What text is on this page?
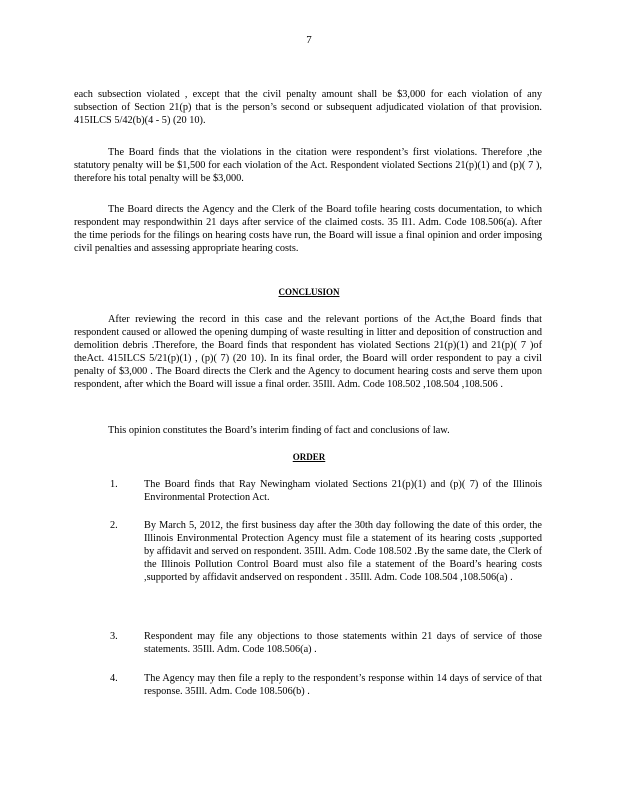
7

each subsection violated , except that the civil penalty amount shall be $3,000 for each violation of any subsection of Section 21(p) that is the person’s second or subsequent adjudicated violation of that provision. 415ILCS 5/42(b)(4 - 5) (20 10).

The Board finds that the violations in the citation were respondent’s first violations. Therefore ,the statutory penalty will be $1,500 for each violation of the Act. Respondent violated Sections 21(p)(1) and (p)( 7 ), therefore his total penalty will be $3,000.

The Board directs the Agency and the Clerk of the Board tofile hearing costs documentation, to which respondent may respondwithin 21 days after service of the claimed costs. 35 Il1. Adm. Code 108.506(a). After the time periods for the filings on hearing costs have run, the Board will issue a final opinion and order imposing civil penalties and assessing appropriate hearing costs.

CONCLUSION

After reviewing the record in this case and the relevant portions of the Act,the Board finds that respondent caused or allowed the opening dumping of waste resulting in litter and deposition of construction and demolition debris .Therefore, the Board finds that respondent has violated Sections 21(p)(1) and 21(p)( 7 )of theAct. 415ILCS 5/21(p)(1) , (p)( 7) (20 10). In its final order, the Board will order respondent to pay a civil penalty of $3,000 . The Board directs the Clerk and the Agency to document hearing costs and serve them upon respondent, after which the Board will issue a final order. 35Ill. Adm. Code 108.502 ,108.504 ,108.506 .

This opinion constitutes the Board’s interim finding of fact and conclusions of law.

ORDER
1.	The Board finds that Ray Newingham violated Sections 21(p)(1) and (p)( 7) of the Illinois Environmental Protection Act.

2.	By March 5, 2012, the first business day after the 30th day following the date of this order, the Illinois Environmental Protection Agency must file a statement of its hearing costs ,supported by affidavit and served on respondent. 35Ill. Adm. Code 108.502 .By the same date, the Clerk of the Illinois Pollution Control Board must also file a statement of the Board’s hearing costs ,supported by affidavit andserved on respondent . 35Ill. Adm. Code 108.504 ,108.506(a) .

3.	Respondent may file any objections to those statements within 21 days of service of those statements. 35Ill. Adm. Code 108.506(a) .

4.	The Agency may then file a reply to the respondent’s response within 14 days of service of that response. 35Ill. Adm. Code 108.506(b) .
